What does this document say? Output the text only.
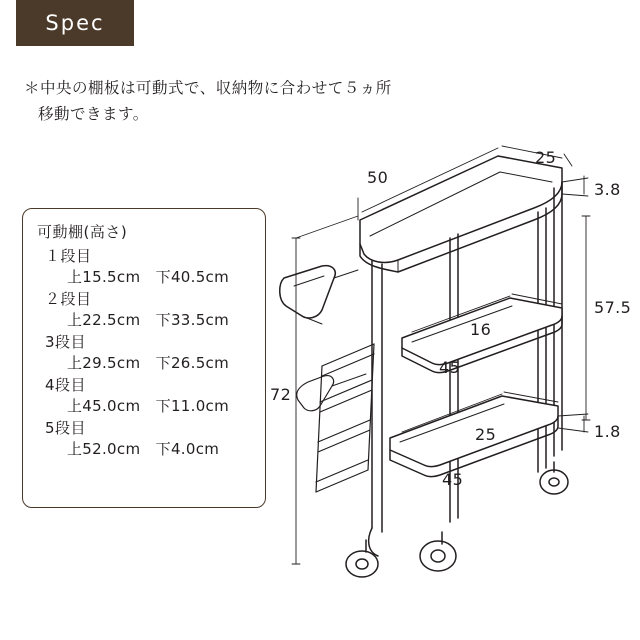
Spec
＊中央の棚板は可動式で、収納物に合わせて５ヵ所
移動できます。
可動棚(高さ)
１段目
上15.5cm　下40.5cm
２段目
上22.5cm　下33.5cm
3段目
上29.5cm　下26.5cm
4段目
上45.0cm　下11.0cm
5段目
上52.0cm　下4.0cm
50
25
3.8
57.5
16
45
72
25	1.8
45
